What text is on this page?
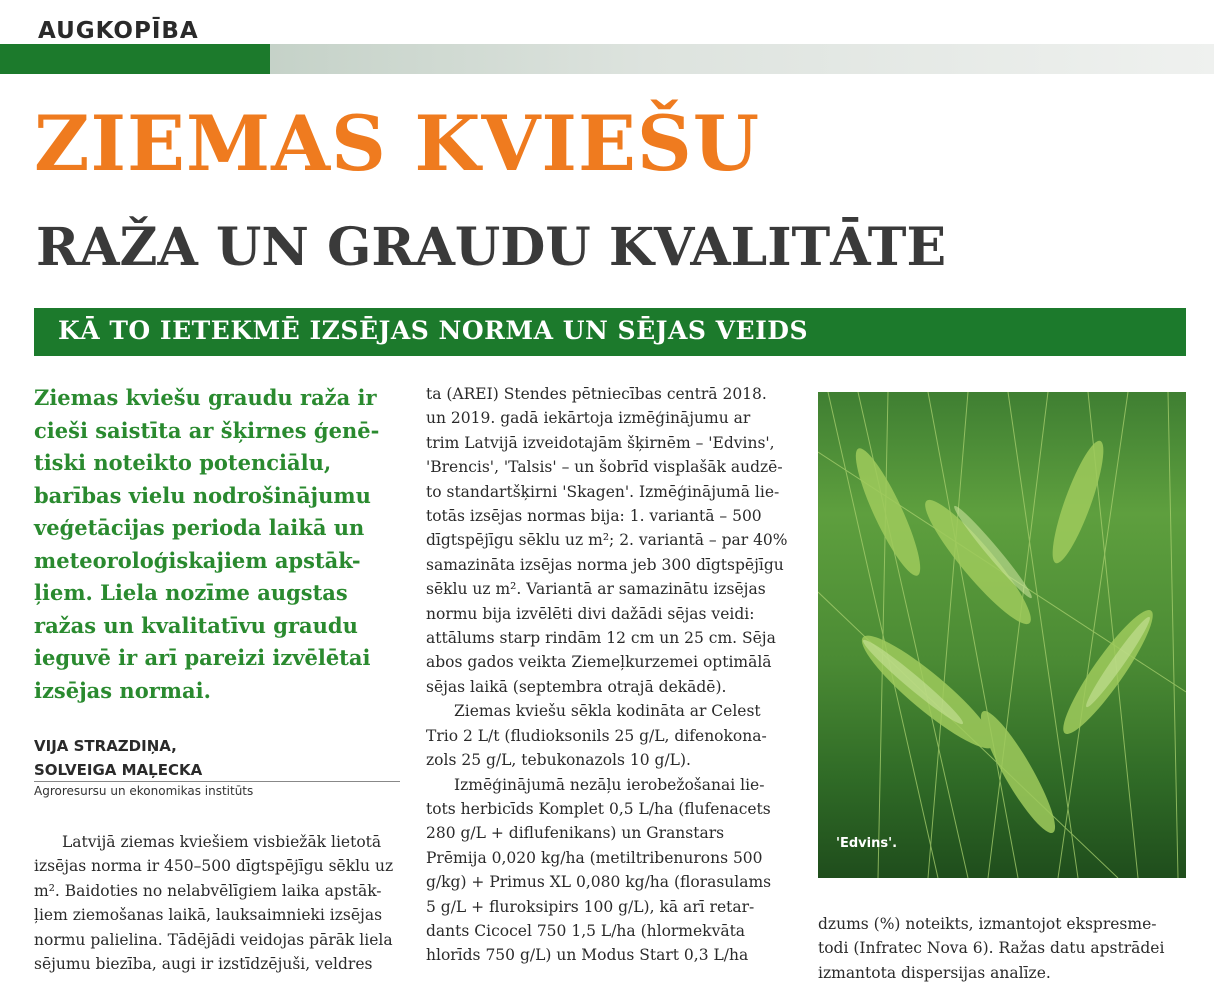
AUGKOPĪBA
ZIEMAS KVIEŠU
RAŽA UN GRAUDU KVALITĀTE
KĀ TO IETEKMĒ IZSĒJAS NORMA UN SĒJAS VEIDS
Ziemas kviešu graudu raža ir
cieši saistīta ar šķirnes ģenē-
tiski noteikto potenciālu,
barības vielu nodrošinājumu
veģetācijas perioda laikā un
meteoroloģiskajiem apstāk-
ļiem. Liela nozīme augstas
ražas un kvalitatīvu graudu
ieguvē ir arī pareizi izvēlētai
izsējas normai.
VIJA STRAZDIŅA,
SOLVEIGA MAĻECKA
Agroresursu un ekonomikas institūts
Latvijā ziemas kviešiem visbiežāk lietotā
izsējas norma ir 450–500 dīgtspējīgu sēklu uz
m². Baidoties no nelabvēlīgiem laika apstāk-
ļiem ziemošanas laikā, lauksaimnieki izsējas
normu palielina. Tādējādi veidojas pārāk liela
sējumu biezība, augi ir izstīdzējuši, veldres
ta (AREI) Stendes pētniecības centrā 2018.
un 2019. gadā iekārtoja izmēģinājumu ar
trim Latvijā izveidotajām šķirnēm – 'Edvins',
'Brencis', 'Talsis' – un šobrīd visplašāk audzē-
to standartšķirni 'Skagen'. Izmēģinājumā lie-
totās izsējas normas bija: 1. variantā – 500
dīgtspējīgu sēklu uz m²; 2. variantā – par 40%
samazināta izsējas norma jeb 300 dīgtspējīgu
sēklu uz m². Variantā ar samazinātu izsējas
normu bija izvēlēti divi dažādi sējas veidi:
attālums starp rindām 12 cm un 25 cm. Sēja
abos gados veikta Ziemeļkurzemei optimālā
sējas laikā (septembra otrajā dekādē).
Ziemas kviešu sēkla kodināta ar Celest
Trio 2 L/t (fludioksonils 25 g/L, difenokona-
zols 25 g/L, tebukonazols 10 g/L).
Izmēģinājumā nezāļu ierobežošanai lie-
tots herbicīds Komplet 0,5 L/ha (flufenacets
280 g/L + diflufenikans) un Granstars
Prēmija 0,020 kg/ha (metiltribenurons 500
g/kg) + Primus XL 0,080 kg/ha (florasulams
5 g/L + fluroksipirs 100 g/L), kā arī retar-
dants Cicocel 750 1,5 L/ha (hlormekvāta
hlorīds 750 g/L) un Modus Start 0,3 L/ha
'Edvins'.
dzums (%) noteikts, izmantojot ekspresme-
todi (Infratec Nova 6). Ražas datu apstrādei
izmantota dispersijas analīze.
